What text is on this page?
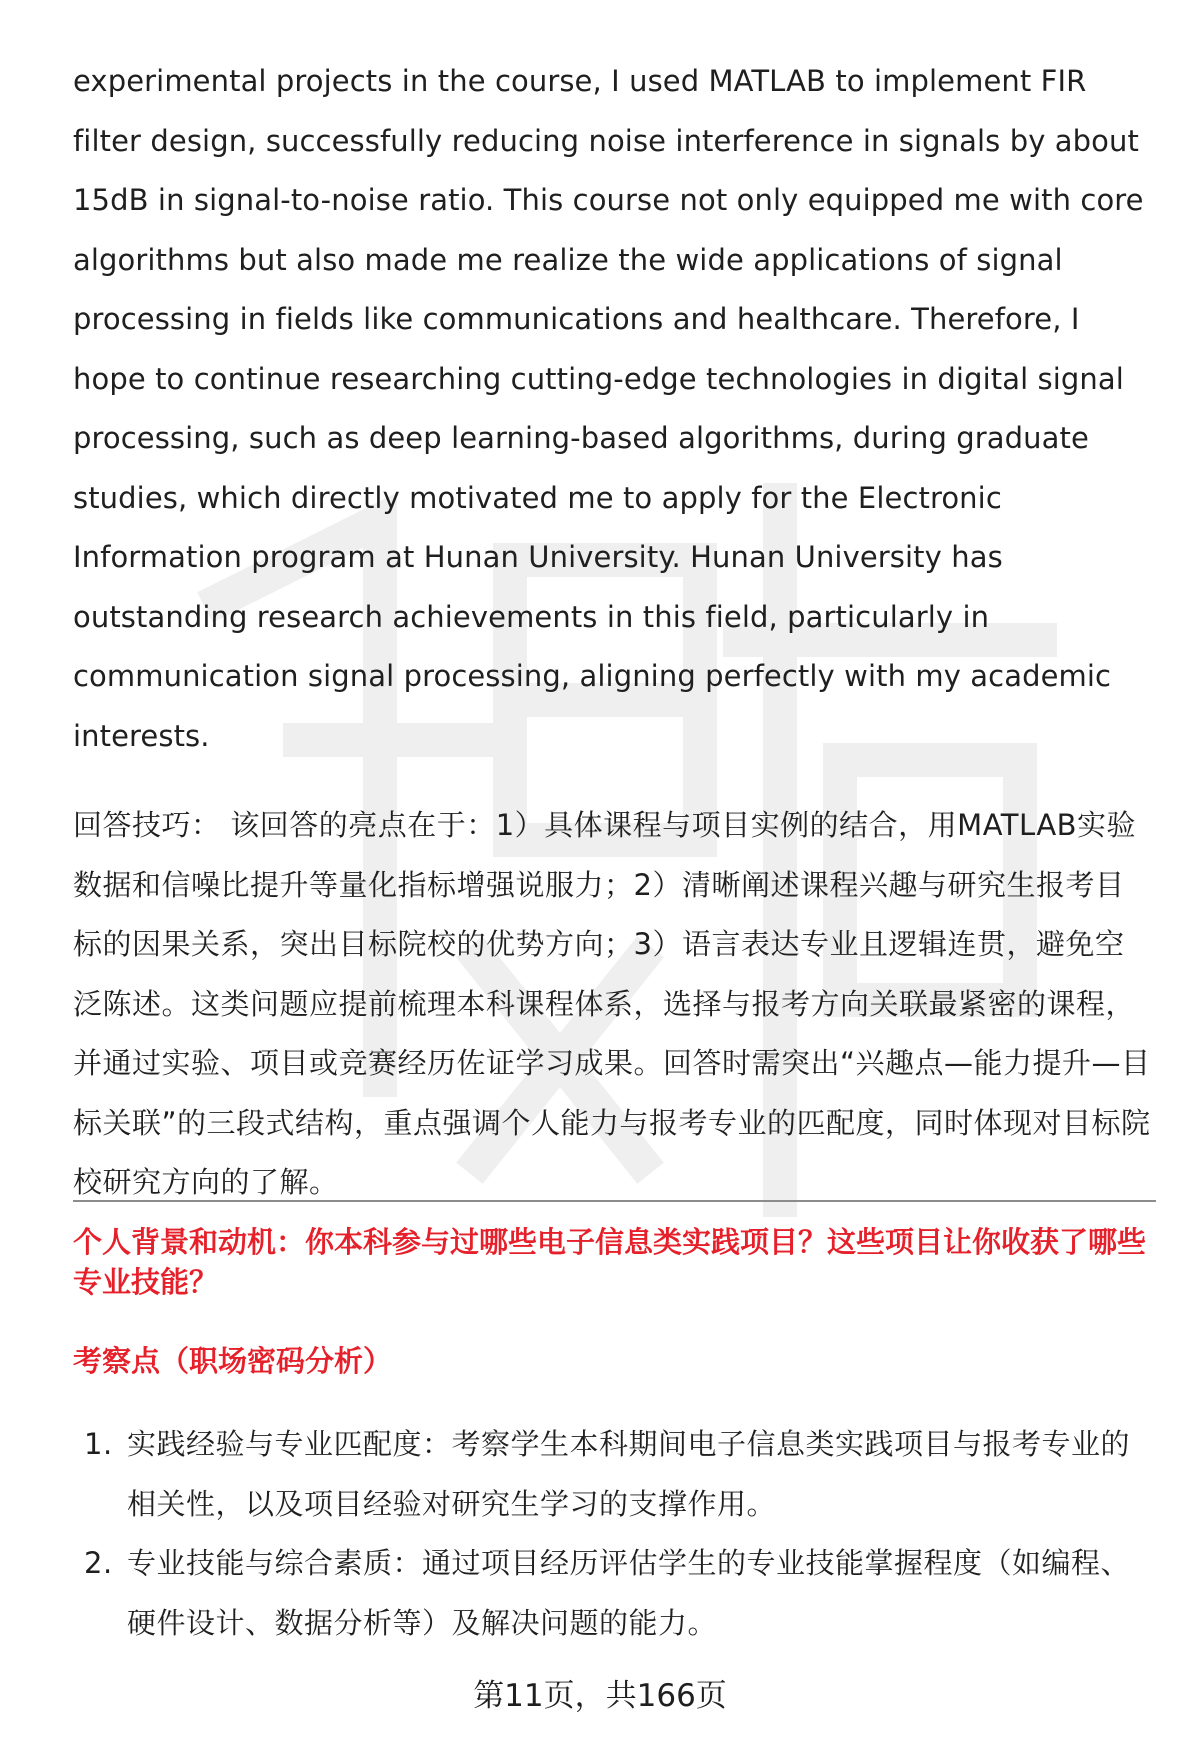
experimental projects in the course, I used MATLAB to implement FIR filter design, successfully reducing noise interference in signals by about 15dB in signal-to-noise ratio. This course not only equipped me with core algorithms but also made me realize the wide applications of signal processing in fields like communications and healthcare. Therefore, I hope to continue researching cutting-edge technologies in digital signal processing, such as deep learning-based algorithms, during graduate studies, which directly motivated me to apply for the Electronic Information program at Hunan University. Hunan University has outstanding research achievements in this field, particularly in communication signal processing, aligning perfectly with my academic interests.

回答技巧： 该回答的亮点在于：1）具体课程与项目实例的结合，用MATLAB实验数据和信噪比提升等量化指标增强说服力；2）清晰阐述课程兴趣与研究生报考目标的因果关系，突出目标院校的优势方向；3）语言表达专业且逻辑连贯，避免空泛陈述。这类问题应提前梳理本科课程体系，选择与报考方向关联最紧密的课程，并通过实验、项目或竞赛经历佐证学习成果。回答时需突出“兴趣点—能力提升—目标关联”的三段式结构，重点强调个人能力与报考专业的匹配度，同时体现对目标院校研究方向的了解。

个人背景和动机：你本科参与过哪些电子信息类实践项目？这些项目让你收获了哪些专业技能？

考察点（职场密码分析）

1. 实践经验与专业匹配度：考察学生本科期间电子信息类实践项目与报考专业的相关性，以及项目经验对研究生学习的支撑作用。
2. 专业技能与综合素质：通过项目经历评估学生的专业技能掌握程度（如编程、硬件设计、数据分析等）及解决问题的能力。
第11页，共166页
